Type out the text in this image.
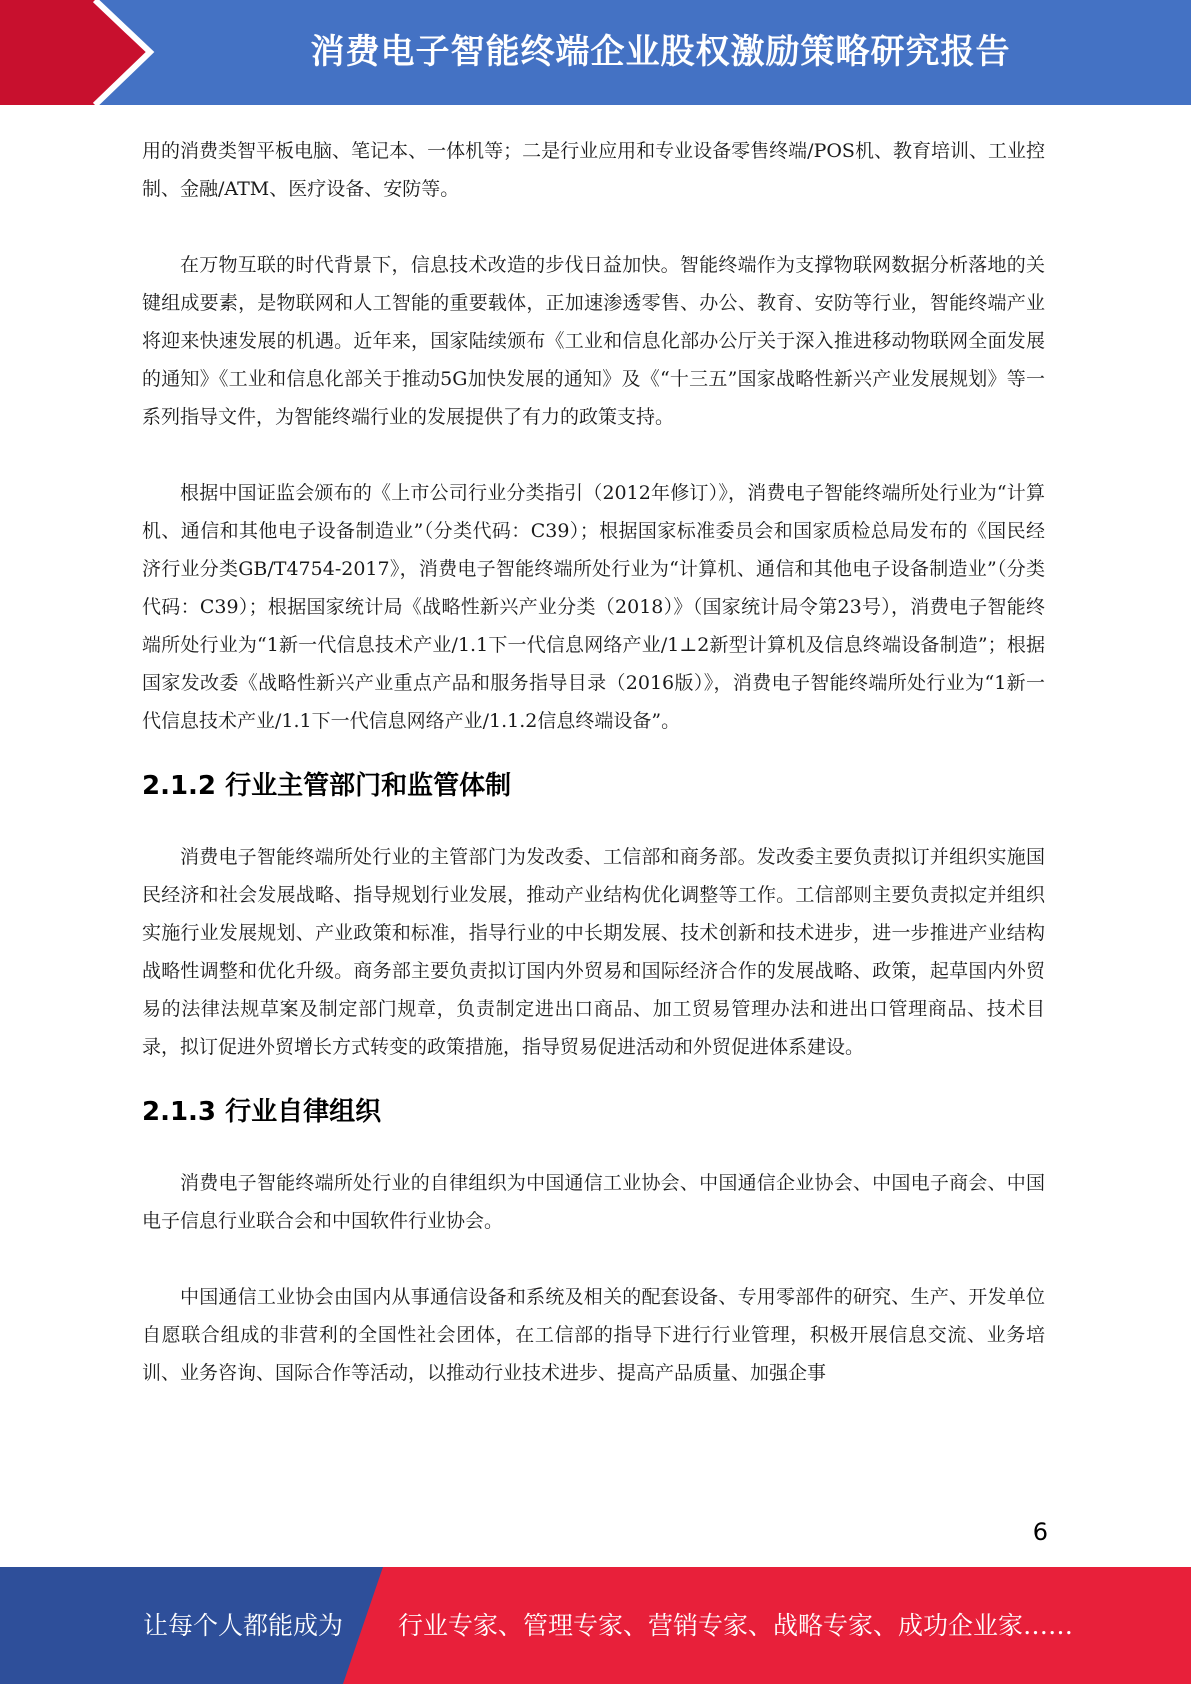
消费电子智能终端企业股权激励策略研究报告

用的消费类智平板电脑、笔记本、一体机等；二是行业应用和专业设备零售终端/POS机、教育培训、工业控制、金融/ATM、医疗设备、安防等。

在万物互联的时代背景下，信息技术改造的步伐日益加快。智能终端作为支撑物联网数据分析落地的关键组成要素，是物联网和人工智能的重要载体，正加速渗透零售、办公、教育、安防等行业，智能终端产业将迎来快速发展的机遇。近年来，国家陆续颁布《工业和信息化部办公厅关于深入推进移动物联网全面发展的通知》《工业和信息化部关于推动5G加快发展的通知》及《“十三五”国家战略性新兴产业发展规划》等一系列指导文件，为智能终端行业的发展提供了有力的政策支持。

根据中国证监会颁布的《上市公司行业分类指引（2012年修订）》，消费电子智能终端所处行业为“计算机、通信和其他电子设备制造业”（分类代码：C39）；根据国家标准委员会和国家质检总局发布的《国民经济行业分类GB/T4754-2017》，消费电子智能终端所处行业为“计算机、通信和其他电子设备制造业”（分类代码：C39）；根据国家统计局《战略性新兴产业分类（2018）》（国家统计局令第23号），消费电子智能终端所处行业为“1新一代信息技术产业/1.1下一代信息网络产业/1⊥2新型计算机及信息终端设备制造”；根据国家发改委《战略性新兴产业重点产品和服务指导目录（2016版）》，消费电子智能终端所处行业为“1新一代信息技术产业/1.1下一代信息网络产业/1.1.2信息终端设备”。

2.1.2 行业主管部门和监管体制

消费电子智能终端所处行业的主管部门为发改委、工信部和商务部。发改委主要负责拟订并组织实施国民经济和社会发展战略、指导规划行业发展，推动产业结构优化调整等工作。工信部则主要负责拟定并组织实施行业发展规划、产业政策和标准，指导行业的中长期发展、技术创新和技术进步，进一步推进产业结构战略性调整和优化升级。商务部主要负责拟订国内外贸易和国际经济合作的发展战略、政策，起草国内外贸易的法律法规草案及制定部门规章，负责制定进出口商品、加工贸易管理办法和进出口管理商品、技术目录，拟订促进外贸增长方式转变的政策措施，指导贸易促进活动和外贸促进体系建设。

2.1.3 行业自律组织

消费电子智能终端所处行业的自律组织为中国通信工业协会、中国通信企业协会、中国电子商会、中国电子信息行业联合会和中国软件行业协会。

中国通信工业协会由国内从事通信设备和系统及相关的配套设备、专用零部件的研究、生产、开发单位自愿联合组成的非营利的全国性社会团体，在工信部的指导下进行行业管理，积极开展信息交流、业务培训、业务咨询、国际合作等活动，以推动行业技术进步、提高产品质量、加强企事

6
让每个人都能成为 行业专家、管理专家、营销专家、战略专家、成功企业家……
